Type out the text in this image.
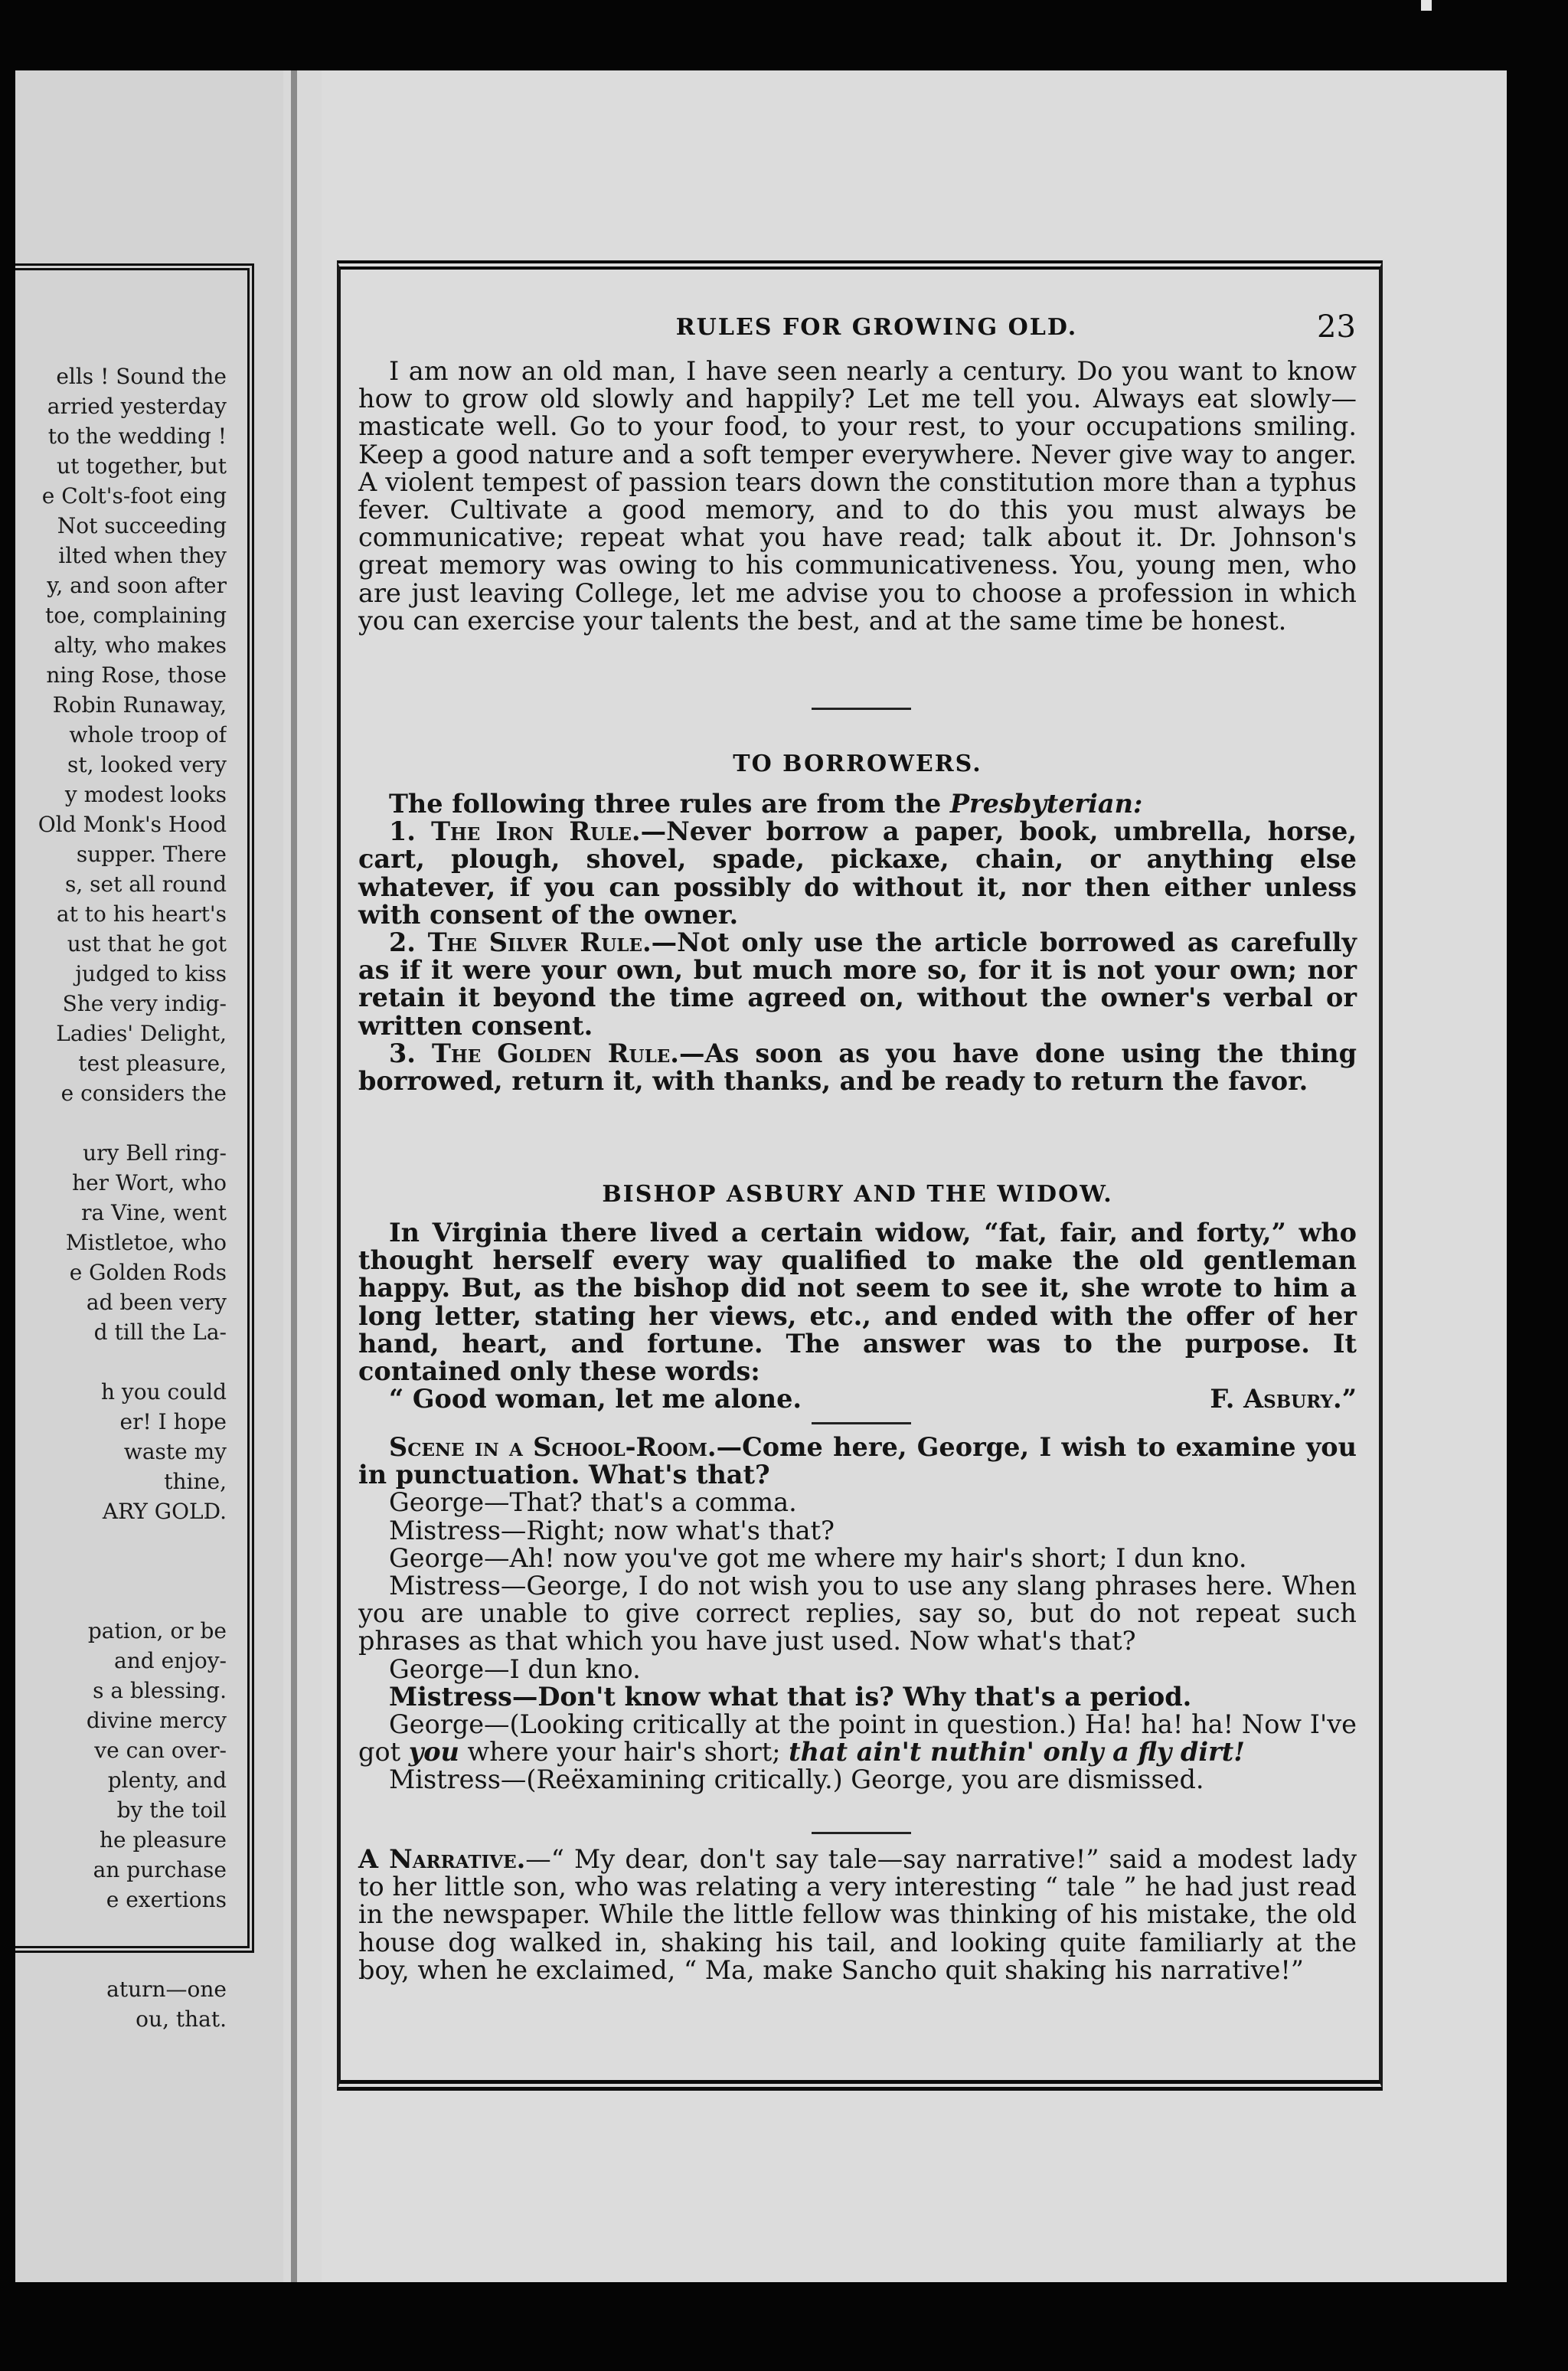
ells ! Sound the
arried yesterday
to the wedding !
ut together, but
e Colt's-foot eing
Not succeeding
ilted when they
y, and soon after
toe, complaining
alty, who makes
ning Rose, those
Robin Runaway,
whole troop of
st, looked very
y modest looks
Old Monk's Hood
supper. There
s, set all round
at to his heart's
ust that he got
judged to kiss
She very indig-
Ladies' Delight,
test pleasure,
e considers the
ury Bell ring-
her Wort, who
ra Vine, went
Mistletoe, who
e Golden Rods
ad been very
d till the La-
h you could
er! I hope
waste my
thine,
ARY GOLD.
pation, or be
and enjoy-
s a blessing.
divine mercy
ve can over-
plenty, and
by the toil
he pleasure
an purchase
e exertions
aturn—one
ou, that.
RULES FOR GROWING OLD.	23

I am now an old man, I have seen nearly a century. Do you want to know how to grow old slowly and happily? Let me tell you. Always eat slowly—masticate well. Go to your food, to your rest, to your occupations smiling. Keep a good nature and a soft temper everywhere. Never give way to anger. A violent tempest of passion tears down the constitution more than a typhus fever. Cultivate a good memory, and to do this you must always be communicative; repeat what you have read; talk about it. Dr. Johnson's great memory was owing to his communicativeness. You, young men, who are just leaving College, let me advise you to choose a profession in which you can exercise your talents the best, and at the same time be honest.

TO BORROWERS.

The following three rules are from the Presbyterian:

1. The Iron Rule.—Never borrow a paper, book, umbrella, horse, cart, plough, shovel, spade, pickaxe, chain, or anything else whatever, if you can possibly do without it, nor then either unless with consent of the owner.

2. The Silver Rule.—Not only use the article borrowed as carefully as if it were your own, but much more so, for it is not your own; nor retain it beyond the time agreed on, without the owner's verbal or written consent.

3. The Golden Rule.—As soon as you have done using the thing borrowed, return it, with thanks, and be ready to return the favor.

BISHOP ASBURY AND THE WIDOW.

In Virginia there lived a certain widow, “fat, fair, and forty,” who thought herself every way qualified to make the old gentleman happy. But, as the bishop did not seem to see it, she wrote to him a long letter, stating her views, etc., and ended with the offer of her hand, heart, and fortune. The answer was to the purpose. It contained only these words:

“ Good woman, let me alone.	F. Asbury.”

Scene in a School-Room.—Come here, George, I wish to examine you in punctuation. What's that?

George—That? that's a comma.

Mistress—Right; now what's that?

George—Ah! now you've got me where my hair's short; I dun kno.

Mistress—George, I do not wish you to use any slang phrases here. When you are unable to give correct replies, say so, but do not repeat such phrases as that which you have just used. Now what's that?

George—I dun kno.

Mistress—Don't know what that is? Why that's a period.

George—(Looking critically at the point in question.) Ha! ha! ha! Now I've got you where your hair's short; that ain't nuthin' only a fly dirt!

Mistress—(Reëxamining critically.) George, you are dismissed.

A Narrative.—“ My dear, don't say tale—say narrative!” said a modest lady to her little son, who was relating a very interesting “ tale ” he had just read in the newspaper. While the little fellow was thinking of his mistake, the old house dog walked in, shaking his tail, and looking quite familiarly at the boy, when he exclaimed, “ Ma, make Sancho quit shaking his narrative!”
